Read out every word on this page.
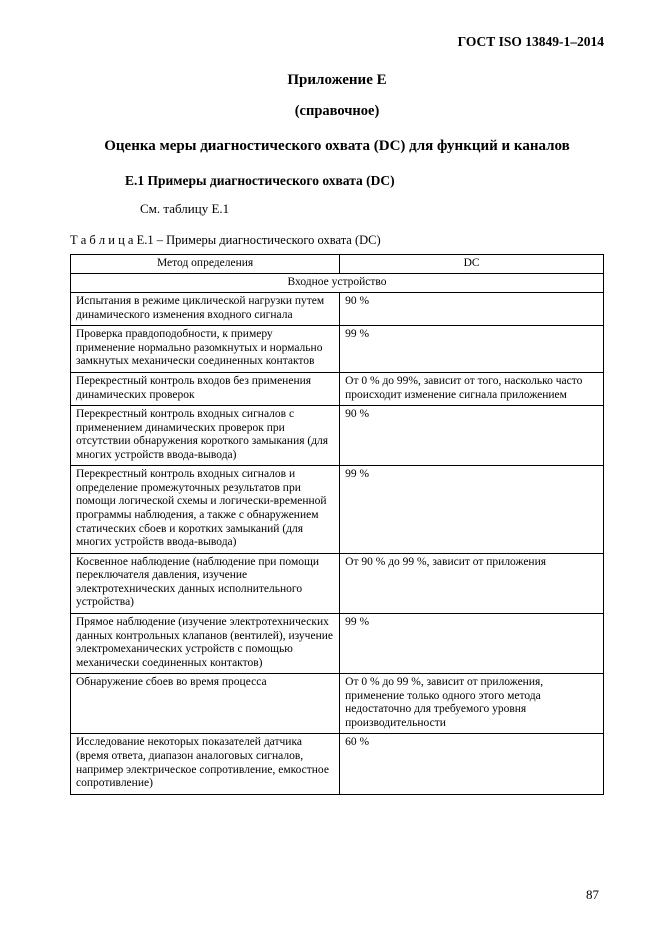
ГОСТ ISO 13849-1–2014
Приложение Е
(справочное)
Оценка меры диагностического охвата (DC) для функций и каналов
Е.1 Примеры диагностического охвата (DC)
См. таблицу Е.1
Т а б л и ц а Е.1 – Примеры диагностического охвата (DC)
Метод определения	DC
Входное устройство	
Испытания в режиме циклической нагрузки путем динамического изменения входного сигнала	90 %
Проверка правдоподобности, к примеру применение нормально разомкнутых и нормально замкнутых механически соединенных контактов	99 %
Перекрестный контроль входов без применения динамических проверок	От 0 % до 99%, зависит от того, насколько часто происходит изменение сигнала приложением
Перекрестный контроль входных сигналов с применением динамических проверок при отсутствии обнаружения короткого замыкания (для многих устройств ввода-вывода)	90 %
Перекрестный контроль входных сигналов и определение промежуточных результатов при помощи логической схемы и логически-временной программы наблюдения, а также с обнаружением статических сбоев и коротких замыканий (для многих устройств ввода-вывода)	99 %
Косвенное наблюдение (наблюдение при помощи переключателя давления, изучение электротехнических данных исполнительного устройства)	От 90 % до 99 %, зависит от приложения
Прямое наблюдение (изучение электротехнических данных контрольных клапанов (вентилей), изучение электромеханических устройств с помощью механически соединенных контактов)	99 %
Обнаружение сбоев во время процесса	От 0 % до 99 %, зависит от приложения, применение только одного этого метода недостаточно для требуемого уровня производительности
Исследование некоторых показателей датчика (время ответа, диапазон аналоговых сигналов, например электрическое сопротивление, емкостное сопротивление)	60 %
87
